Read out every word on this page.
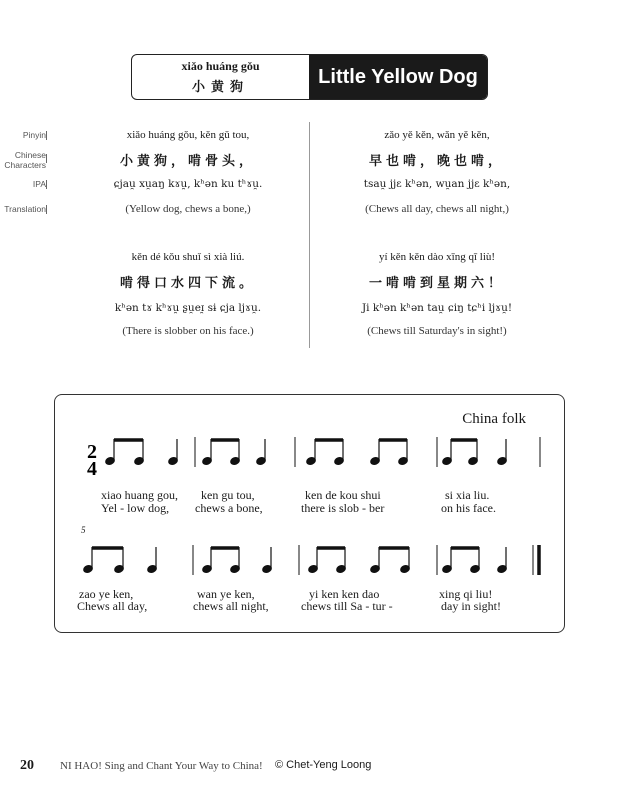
xiǎo huáng gǒu
小黄狗	Little Yellow Dog
Pinyin
Chinese Characters
IPA
Translation
xiǎo huáng gǒu, kěn gǔ tou,
小黄狗，啃骨头，
ɕjau̯ xu̯aŋ kɤu̯, kʰən ku tʰɤu̯.
(Yellow dog, chews a bone,)
zǎo yě kěn, wǎn yě kěn,
早也啃，晚也啃，
tsau̯ jjɛ kʰən, wu̯an jjɛ kʰən,
(Chews all day, chews all night,)
kěn dé kǒu shuǐ sì xià liú.
啃得口水四下流。
kʰən tɤ kʰɤu̯ ʂu̯eɪ̯ sɨ ɕja ljɤu̯.
(There is slobber on his face.)
yí kěn kěn dào xīng qī liù!
一啃啃到星期六！
Ji kʰən kʰən tau̯ ɕiŋ tɕʰi ljɤu̯!
(Chews till Saturday's in sight!)
China folk
2
4
5
xiao huang gou, ken gu tou,	ken de kou shui	si xia liu.
Yel - low dog, chews a bone,	there is slob - ber	on his face.
zao ye ken,	wan ye ken,	yi ken ken dao	xing qi liu!
Chews all day,	chews all night,	chews till Sa - tur -	day in sight!
20 NI HAO! Sing and Chant Your Way to China! © Chet-Yeng Loong
